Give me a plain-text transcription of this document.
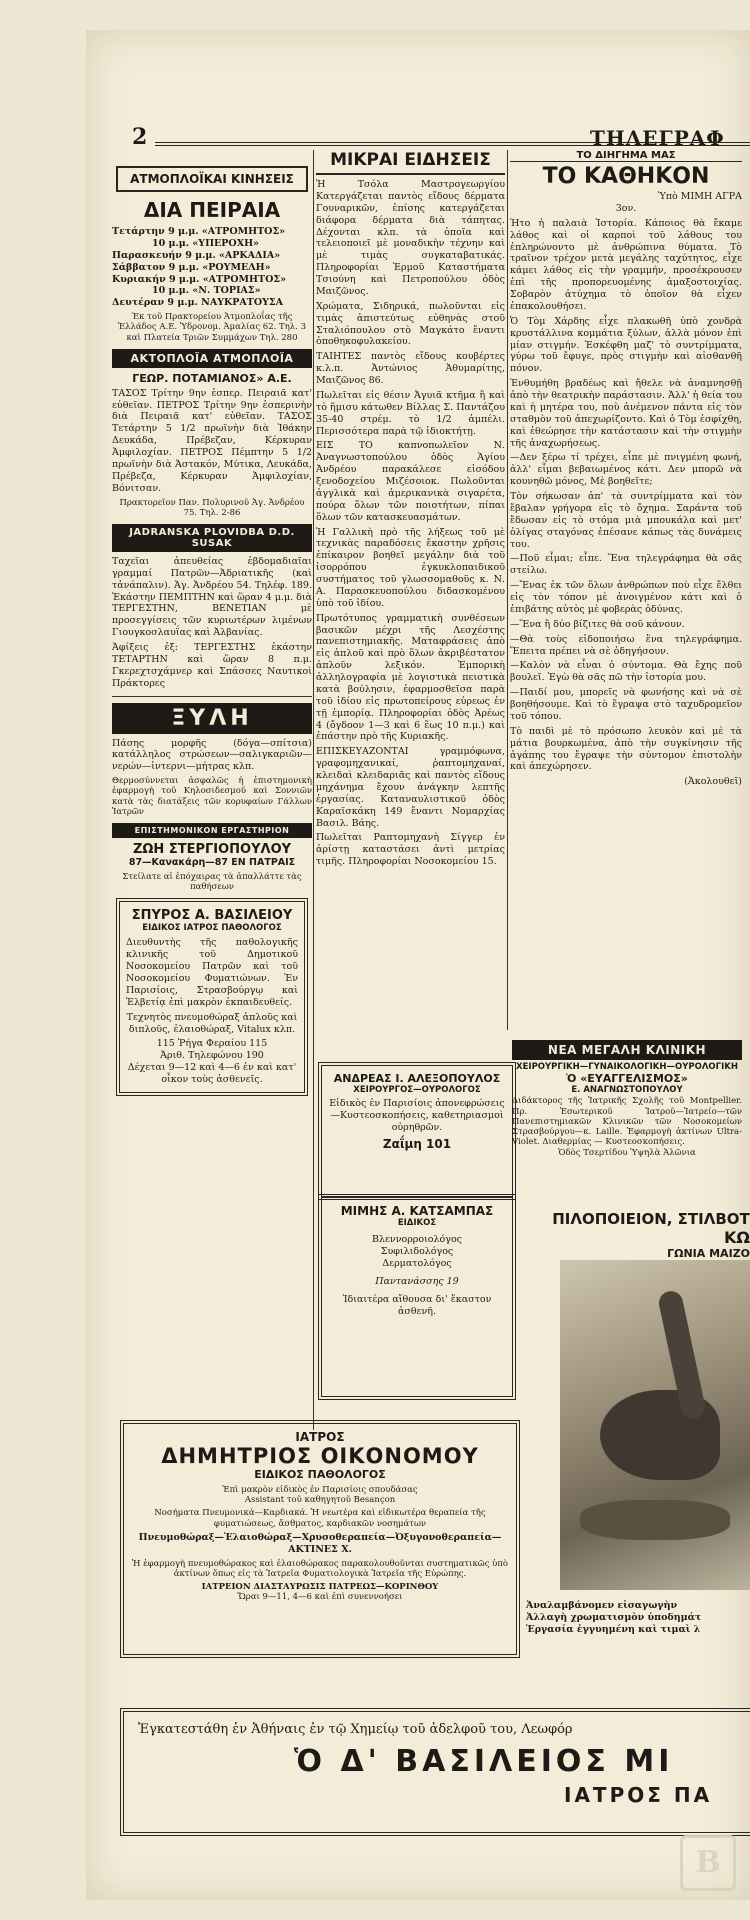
2	ΤΗΛΕΓΡΑΦ
ΑΤΜΟΠΛΟΪΚΑΙ ΚΙΝΗΣΕΙΣ
ΔΙΑ ΠΕΙΡΑΙΑ
Τετάρτην 9 μ.μ. «ΑΤΡΟΜΗΤΟΣ»
10 μ.μ. «ΥΠΕΡΟΧΗ»
Παρασκευήν 9 μ.μ. «ΑΡΚΑΔΙΑ»
Σάββατον 9 μ.μ. «ΡΟΥΜΕΛΗ»
Κυριακήν 9 μ.μ. «ΑΤΡΟΜΗΤΟΣ»
10 μ.μ. «Ν. ΤΟΡΙΑΣ»
Δευτέραν 9 μ.μ. ΝΑΥΚΡΑΤΟΥΣΑ

Έκ τοῦ Πρακτορείου Ἀτμοπλοΐας τῆς Ἑλλάδος Α.Ε. Ὑδρονομ. Ἀμαλίας 62. Τηλ. 3 καὶ Πλατεία Τριῶν Συμμάχων Τηλ. 280

ΑΚΤΟΠΛΟΪΑ ΑΤΜΟΠΛΟΪΑ
ΓΕΩΡ. ΠΟΤΑΜΙΑΝΟΣ» Α.Ε.

ΤΑΣΟΣ Τρίτην 9ην ἑσπερ. Πειραιᾶ κατ' εὐθεῖαν. ΠΕΤΡΟΣ Τρίτην 9ην ἑσπερινὴν διὰ Πειραιᾶ κατ' εὐθεῖαν. ΤΑΣΟΣ Τετάρτην 5 1/2 πρωϊνὴν διὰ Ἰθάκην Δευκάδα, Πρέβεζαν, Κέρκυραν Ἀμφιλοχίαν. ΠΕΤΡΟΣ Πέμπτην 5 1/2 πρωϊνὴν διὰ Ἀστακόν, Μύτικα, Λευκάδα, Πρέβεζα, Κέρκυραν Ἀμφιλοχίαν, Βόνιτσαν.

Πρακτορεῖον Παν. Πολυρινοῦ Ἀγ. Ἀνδρέου 75. Τηλ. 2-86

JADRANSKA PLOVIDBA D.D. SUSAK

Ταχεῖαι ἀπευθείας ἑβδομαδιαῖαι γραμμαί Πατρῶν—Ἀδριατικῆς (καὶ τἀνάπαλιν). Ἀγ. Ἀνδρέου 54. Τηλέφ. 189. Ἐκάστην ΠΕΜΠΤΗΝ καὶ ὥραν 4 μ.μ. διὰ ΤΕΡΓΕΣΤΗΝ, ΒΕΝΕΤΙΑΝ μὲ προσεγγίσεις τῶν κυριωτέρων λιμένων Γιουγκοσλαυΐας καὶ Ἀλβανίας.

Ἀφίξεις ἐξ: ΤΕΡΓΕΣΤΗΣ ἑκάστην ΤΕΤΑΡΤΗΝ καὶ ὥραν 8 π.μ. Γκερεχτσχάμνερ καὶ Σπάσσες Ναυτικοὶ Πράκτορες

ΞΥΛΗ

Πάσης μορφῆς (δόγα—σπίτσια) κατάλληλος στρώσεων—σαλιγκαριῶν—νερών—ἰντερνι—μήτρας κλπ.

Θερμοσύννεται ἀσφαλῶς ἡ ἐπιστημονικὴ ἐφαρμογὴ τοῦ Κηλοσιδεσμοῦ καὶ Σοννιῶν κατὰ τὰς διατάξεις τῶν κορυφαίων Γάλλων Ἰατρῶν

ΕΠΙΣΤΗΜΟΝΙΚΟΝ ΕΡΓΑΣΤΗΡΙΟΝ
ΖΩΗ ΣΤΕΡΓΙΟΠΟΥΛΟΥ
87—Κανακάρη—87 ΕΝ ΠΑΤΡΑΙΣ

Στείλατε αἱ ἐπόχαιρας τὰ ἀπαλλάττε τὰς παθήσεων

ΣΠΥΡΟΣ Α. ΒΑΣΙΛΕΙΟΥ
ΕΙΔΙΚΟΣ ΙΑΤΡΟΣ ΠΑΘΟΛΟΓΟΣ

Διευθυντὴς τῆς παθολογικῆς κλινικῆς τοῦ Δημοτικοῦ Νοσοκομείου Πατρῶν καὶ τοῦ Νοσοκομείου Φυματιώνων. Ἐν Παρισίοις, Στρασβούργῳ καὶ Ἑλβετίᾳ ἐπὶ μακρὸν ἐκπαιδευθείς.

Τεχνητὸς πνευμοθώραξ ἀπλοῦς καὶ διπλοῦς, ἐλαιοθώραξ, Vitalux κλπ.

115 Ῥήγα Φεραίου 115
Ἀριθ. Τηλεφώνου 190
Δέχεται 9—12 καὶ 4—6 ἐν καὶ κατ' οἶκον τοὺς ἀσθενεῖς.
ΜΙΚΡΑΙ ΕΙΔΗΣΕΙΣ

Ἡ Τσόλα Μαστρογεωργίου Κατεργάζεται παντὸς εἴδους δέρματα Γουναρικῶν, ἐπίσης κατεργάζεται διάφορα δέρματα διὰ τάπητας. Δέχονται κλπ. τὰ ὁποῖα καὶ τελειοποιεῖ μὲ μοναδικὴν τέχνην καὶ μὲ τιμὰς συγκαταβατικάς. Πληροφορίαι Ἑρμοῦ Καταστήματα Τσιούνη καὶ Πετροπούλου ὁδὸς Μαιζῶνος.

Χρώματα, Σιδηρικά, πωλοῦνται εἰς τιμὰς ἀπιστεύτως εὐθηνὰς στοῦ Σταλιόπουλου στὸ Μαγκάτο ἔναντι ὁποθηκοφυλακείου.

ΤΑΙΗΤΕΣ παντὸς εἴδους κουβέρτες κ.λ.π. Ἀντώνιος Ἀθυμαρίτης, Μαιζῶνος 86.

Πωλεῖται εἰς θέσιν Ἀγυιᾶ κτῆμα ἢ καὶ τὸ ἥμισυ κάτωθεν Βίλλας Σ. Παντάζου 35-40 στρέμ. τὸ 1/2 ἀμπέλι. Περισσότερα παρὰ τῷ ἰδιοκτήτῃ.

ΕΙΣ ΤΟ καπνοπωλεῖον Ν. Ἀναγνωστοπούλου ὁδὸς Ἁγίου Ἀνδρέου παρακάλεσε εἰσόδου ξενοδοχείου Μιζέσοιοκ. Πωλοῦνται ἀγγλικὰ καὶ ἀμερικανικὰ σιγαρέτα, πούρα ὅλων τῶν ποιοτήτων, πίπαι ὅλων τῶν κατασκευασμάτων.

Ἡ Γαλλικὴ πρὸ τῆς λήξεως τοῦ μὲ τεχνικὰς παραδόσεις ἔκαστην χρῆσις ἐπίκαιρον βοηθεῖ μεγάλην διὰ τοῦ ἰσορρόπου ἐγκυκλοπαιδικοῦ συστήματος τοῦ γλωσσομαθοῦς κ. Ν. Α. Παρασκευοπούλου διδασκομένου ὑπὸ τοῦ ἰδίου.

Πρωτότυπος γραμματικὴ συνθέσεων βασικῶν μέχρι τῆς Λεσχέστης πανεπιστημιακῆς. Ματαφράσεις ἀπὸ εἰς ἀπλοῦ καὶ πρὸ ὅλων ἀκριβέστατον ἀπλοῦν λεξικόν. Ἐμπορικὴ ἀλληλογραφία μὲ λογιστικὰ πειστικὰ κατὰ βούλησιν, ἐφαρμοσθεῖσα παρὰ τοῦ ἰδίου εἰς πρωτοπείρους εὐρεως ἐν τῇ ἐμπορίᾳ. Πληροφορίαι ὁδὸς Ἀρέως 4 (ὄγδοον 1—3 καὶ 6 ἕως 10 π.μ.) καὶ ἐπάστην πρὸ τῆς Κυριακῆς.

ΕΠΙΣΚΕΥΑΖΟΝΤΑΙ γραμμόφωνα, γραφομηχανικαί, ῥαπτομηχαναί, κλειδαὶ κλειδαριᾶς καὶ παντὸς εἴδους μηχάνημα ἔχουν ἀνάγκην λεπτῆς ἐργασίας. Καταναυλιστικοῦ ὁδὸς Καραϊσκάκη 149 ἔναντι Νομαρχίας Βασιλ. Βάης.

Πωλεῖται Ραπτομηχανὴ Σίγγερ ἐν ἀρίστῃ καταστάσει ἀντὶ μετρίας τιμῆς. Πληροφορίαι Νοσοκομείου 15.

ΑΝΔΡΕΑΣ Ι. ΑΛΕΞΟΠΟΥΛΟΣ
ΧΕΙΡΟΥΡΓΟΣ—ΟΥΡΟΛΟΓΟΣ

Εἰδικὸς ἐν Παρισίοις ἀπονεφρώσεις—Κυστεοσκοπήσεις, καθετηριασμοὶ οὐρηθρῶν.

Ζαΐμη 101
ΜΙΜΗΣ Α. ΚΑΤΣΑΜΠΑΣ
ΕΙΔΙΚΟΣ
Βλεννορροιολόγος
Συφιλιδολόγος
Δερματολόγος
Παντανάσσης 19
Ἰδιαιτέρα αἴθουσα δι' ἕκαστον ἀσθενῆ.
ΤΟ ΔΙΗΓΗΜΑ ΜΑΣ
ΤΟ ΚΑΘΗΚΟΝ
Ὑπὸ ΜΙΜΗ ΑΓΡΑ
3ον.

Ἡτο ἡ παλαιὰ Ἱστορία. Κάποιος θὰ ἔκαμε λάθος καὶ οἱ καρποὶ τοῦ λάθους του ἐπληρώνοντο μὲ ἀνθρώπινα θύματα. Τὸ τραῖνον τρέχον μετὰ μεγάλης ταχύτητος, εἶχε κάμει λάθος εἰς τὴν γραμμήν, προσέκρουσεν ἐπὶ τῆς προπορευομένης ἁμαξοστοιχίας. Σοβαρὸν ἀτύχημα τὸ ὁποῖον θὰ εἶχεν ἐπακολουθήσει.

Ὁ Τὸμ Χάρδης εἶχε πλακωθῆ ὑπὸ χονδρὰ κρυστάλλινα κομμάτια ξύλων, ἀλλὰ μόνον ἐπὶ μίαν στιγμήν. Ἐσκέφθη μαζ' τὸ συντρίμματα, γύρω τοῦ ἔφυγε, πρὸς στιγμὴν καὶ αἰσθανθῆ πόνον.

Ἐνθυμήθη βραδέως καὶ ἤθελε νὰ ἀναμνησθῇ ἀπὸ τὴν θεατρικὴν παράστασιν. Ἀλλ' ἡ θεία του καὶ ἡ μητέρα του, ποὺ ἀνέμενον πάντα εἰς τὸν σταθμὸν τοῦ ἀπεχωρίζοντο. Καὶ ὁ Τὸμ ἐσφίχθη, καὶ ἐθεώρησε τὴν κατάστασιν καὶ τὴν στιγμὴν τῆς ἀναχωρήσεως.

—Δεν ξέρω τί τρέχει, εἶπε μὲ πνιγμένη φωνή, ἀλλ' εἶμαι βεβαιωμένος κάτι. Δεν μπορῶ νὰ κουνηθῶ μόνος, Μὲ βοηθεῖτε;

Τὸν σήκωσαν ἀπ' τὰ συντρίμματα καὶ τὸν ἔβαλαν γρήγορα εἰς τὸ ὄχημα. Σαράντα τοῦ ἔδωσαν εἰς τὸ στόμα μιὰ μπουκάλα καὶ μετ' ὀλίγας σταγόνας ἐπέσανε κάπως τὰς δυνάμεις του.

—Ποῦ εἶμαι; εἶπε. Ἕνα τηλεγράφημα θὰ σᾶς στείλω.

—Ἔνας ἐκ τῶν ὅλων ἀνθρώπων ποὺ εἶχε ἔλθει εἰς τὸν τόπον μὲ ἀνοιγμένον κάτι καὶ ὁ ἐπιβάτης αὐτὸς μὲ φοβερὰς ὀδύνας.

—Ἕνα ἢ δύο βίζιτες θὰ σοῦ κάνουν.

—Θὰ τοὺς εἰδοποιήσω ἕνα τηλεγράφημα. Ἔπειτα πρέπει νὰ σὲ ὁδηγήσουν.

—Καλὸν νὰ εἶναι ὁ σύντομα. Θὰ ἔχης ποῦ βουλεῖ. Ἐγὼ θὰ σᾶς πῶ τὴν ἱστορία μου.

—Παιδί μου, μπορεῖς νὰ φωνήσης καὶ νὰ σὲ βοηθήσουμε. Καὶ τὸ ἔγραψα στὸ ταχυδρομεῖον τοῦ τόπου.

Τὸ παιδὶ μὲ τὸ πρόσωπο λευκὸν καὶ μὲ τὰ μάτια βουρκωμένα, ἀπὸ τὴν συγκίνησιν τῆς ἀγάπης του ἔγραψε τὴν σύντομον ἐπιστολὴν καὶ ἀπεχώρησεν.

(Ἀκολουθεῖ)
ΝΕΑ ΜΕΓΑΛΗ ΚΛΙΝΙΚΗ
ΧΕΙΡΟΥΡΓΙΚΗ—ΓΥΝΑΙΚΟΛΟΓΙΚΗ—ΟΥΡΟΛΟΓΙΚΗ
Ὁ «ΕΥΑΓΓΕΛΙΣΜΟΣ»
Ε. ΑΝΑΓΝΩΣΤΟΠΟΥΛΟΥ

Διδάκτορος τῆς Ἰατρικῆς Σχολῆς τοῦ Montpellier. Πρ. Ἐσωτερικοῦ Ἰατροῦ—Ἰατρείο—τῶν Πανεπιστημιακῶν Κλινικῶν τῶν Νοσοκομείων Στρασβούργου—κ. Laille. Ἐφαρμογὴ ἀκτίνων Ultra-Violet. Διαθερμίας — Κυστεοσκοπήσεις.

Ὁδὸς Τσερτίδου Ὑψηλὰ Ἀλῶνια
ΠΙΛΟΠΟΙΕΙΟΝ, ΣΤΙΛΒΟΤ
ΚΩ
ΓΩΝΙΑ ΜΑΙΖΟ
Ἀναλαμβάνομεν εἰσαγωγὴν
Ἀλλαγὴ χρωματισμὸν ὑποδημάτ
Ἐργασία ἐγγυημένη καὶ τιμαὶ λ
ΙΑΤΡΟΣ
ΔΗΜΗΤΡΙΟΣ ΟΙΚΟΝΟΜΟΥ
ΕΙΔΙΚΟΣ ΠΑΘΟΛΟΓΟΣ
Ἐπὶ μακρὸν εἰδικὸς ἐν Παρισίοις σπουδάσας
Assistant τοῦ καθηγητοῦ Besançon

Νοσήματα Πνευμονικά—Καρδιακά. Ἡ νεωτέρα καὶ εἰδικωτέρα θεραπεία τῆς φυματιώσεως, ἄσθματος, καρδιακῶν νοσημάτων

Πνευμοθώραξ—Ἐλαιοθώραξ—Χρυσοθεραπεία—Ὀξυγονοθεραπεία—ΑΚΤΙΝΕΣ Χ.

Ἡ ἐφαρμογὴ πνευμοθώρακος καὶ ἐλαιοθώρακος παρακολουθοῦνται συστηματικῶς ὑπὸ ἀκτίνων ὅπως εἰς τὰ Ἰατρεῖα Φυματιολογικὰ Ἰατρεῖα τῆς Εὐρώπης.

ΙΑΤΡΕΙΟΝ ΔΙΑΣΤΑΥΡΩΣΙΣ ΠΑΤΡΕΩΣ—ΚΟΡΙΝΘΟΥ
Ὥραι 9—11, 4—6 καὶ ἐπὶ συνεννοήσει
Ἐγκατεστάθη ἐν Ἀθήναις ἐν τῷ Χημείῳ τοῦ ἀδελφοῦ του, Λεωφόρ
Ὁ Δ' ΒΑΣΙΛΕΙΟΣ ΜΙ
ΙΑΤΡΟΣ ΠΑ
Β
